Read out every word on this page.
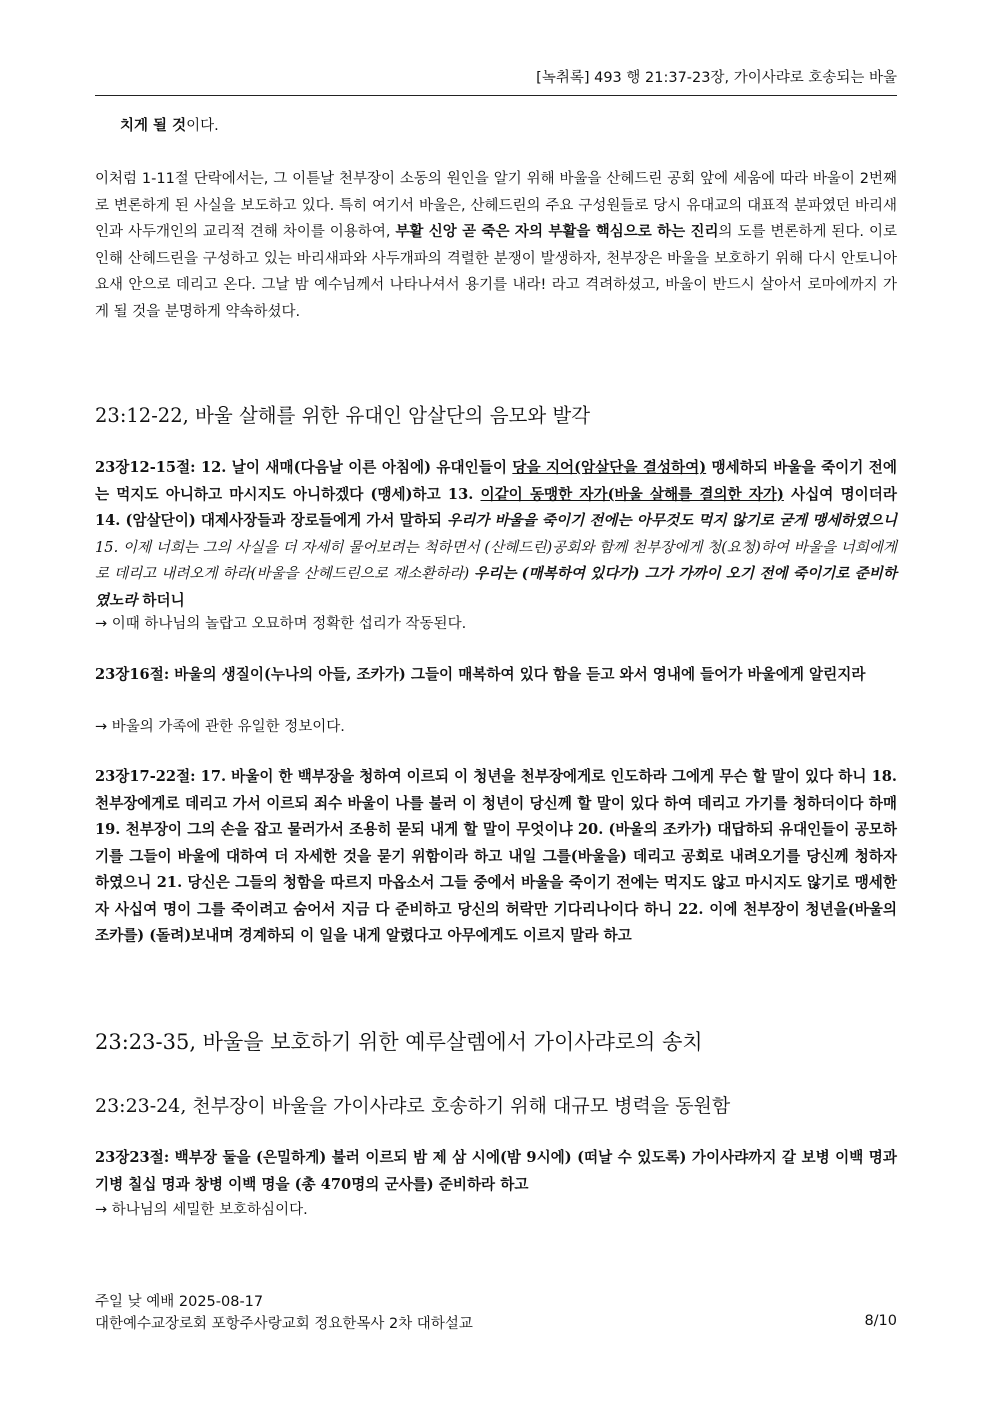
[녹취록] 493 행 21:37-23장, 가이사랴로 호송되는 바울

치게 될 것이다.

이처럼 1-11절 단락에서는, 그 이튿날 천부장이 소동의 원인을 알기 위해 바울을 산헤드린 공회 앞에 세움에 따라 바울이 2번째로 변론하게 된 사실을 보도하고 있다. 특히 여기서 바울은, 산헤드린의 주요 구성원들로 당시 유대교의 대표적 분파였던 바리새인과 사두개인의 교리적 견해 차이를 이용하여, 부활 신앙 곧 죽은 자의 부활을 핵심으로 하는 진리의 도를 변론하게 된다. 이로 인해 산헤드린을 구성하고 있는 바리새파와 사두개파의 격렬한 분쟁이 발생하자, 천부장은 바울을 보호하기 위해 다시 안토니아 요새 안으로 데리고 온다. 그날 밤 예수님께서 나타나셔서 용기를 내라! 라고 격려하셨고, 바울이 반드시 살아서 로마에까지 가게 될 것을 분명하게 약속하셨다.

23:12-22, 바울 살해를 위한 유대인 암살단의 음모와 발각

23장12-15절: 12. 날이 새매(다음날 이른 아침에) 유대인들이 당을 지어(암살단을 결성하여) 맹세하되 바울을 죽이기 전에는 먹지도 아니하고 마시지도 아니하겠다 (맹세)하고 13. 이같이 동맹한 자가(바울 살해를 결의한 자가) 사십여 명이더라 14. (암살단이) 대제사장들과 장로들에게 가서 말하되 우리가 바울을 죽이기 전에는 아무것도 먹지 않기로 굳게 맹세하였으니 15. 이제 너희는 그의 사실을 더 자세히 물어보려는 척하면서 (산헤드린)공회와 함께 천부장에게 청(요청)하여 바울을 너희에게로 데리고 내려오게 하라(바울을 산헤드린으로 재소환하라) 우리는 (매복하여 있다가) 그가 가까이 오기 전에 죽이기로 준비하였노라 하더니

→ 이때 하나님의 놀랍고 오묘하며 정확한 섭리가 작동된다.

23장16절: 바울의 생질이(누나의 아들, 조카가) 그들이 매복하여 있다 함을 듣고 와서 영내에 들어가 바울에게 알린지라

→ 바울의 가족에 관한 유일한 정보이다.

23장17-22절: 17. 바울이 한 백부장을 청하여 이르되 이 청년을 천부장에게로 인도하라 그에게 무슨 할 말이 있다 하니 18. 천부장에게로 데리고 가서 이르되 죄수 바울이 나를 불러 이 청년이 당신께 할 말이 있다 하여 데리고 가기를 청하더이다 하매 19. 천부장이 그의 손을 잡고 물러가서 조용히 묻되 내게 할 말이 무엇이냐 20. (바울의 조카가) 대답하되 유대인들이 공모하기를 그들이 바울에 대하여 더 자세한 것을 묻기 위함이라 하고 내일 그를(바울을) 데리고 공회로 내려오기를 당신께 청하자 하였으니 21. 당신은 그들의 청함을 따르지 마옵소서 그들 중에서 바울을 죽이기 전에는 먹지도 않고 마시지도 않기로 맹세한 자 사십여 명이 그를 죽이려고 숨어서 지금 다 준비하고 당신의 허락만 기다리나이다 하니 22. 이에 천부장이 청년을(바울의 조카를) (돌려)보내며 경계하되 이 일을 내게 알렸다고 아무에게도 이르지 말라 하고

23:23-35, 바울을 보호하기 위한 예루살렘에서 가이사랴로의 송치
23:23-24, 천부장이 바울을 가이사랴로 호송하기 위해 대규모 병력을 동원함

23장23절: 백부장 둘을 (은밀하게) 불러 이르되 밤 제 삼 시에(밤 9시에) (떠날 수 있도록) 가이사랴까지 갈 보병 이백 명과 기병 칠십 명과 창병 이백 명을 (총 470명의 군사를) 준비하라 하고

→ 하나님의 세밀한 보호하심이다.

주일 낮 예배 2025-08-17
대한예수교장로회 포항주사랑교회 정요한목사 2차 대하설교	8/10
